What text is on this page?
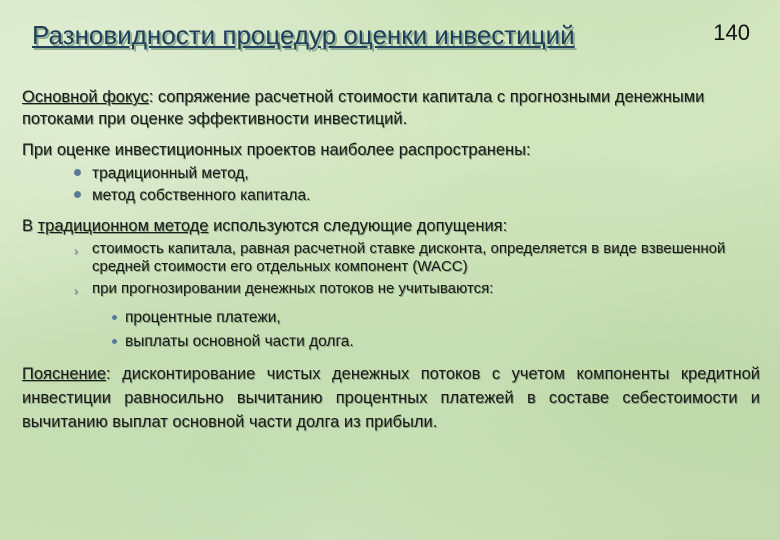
Разновидности процедур оценки инвестиций	140

Основной фокус: сопряжение расчетной стоимости капитала с прогнозными денежными потоками при оценке эффективности инвестиций.

При оценке инвестиционных проектов наиболее распространены:

традиционный метод,
метод собственного капитала.

В традиционном методе используются следующие допущения:

› стоимость капитала, равная расчетной ставке дисконта, определяется в виде взвешенной средней стоимости его отдельных компонент (WACC)
› при прогнозировании денежных потоков не учитываются:
процентные платежи,
выплаты основной части долга.

Пояснение: дисконтирование чистых денежных потоков с учетом компоненты кредитной инвестиции равносильно вычитанию процентных платежей в составе себестоимости и вычитанию выплат основной части долга из прибыли.
